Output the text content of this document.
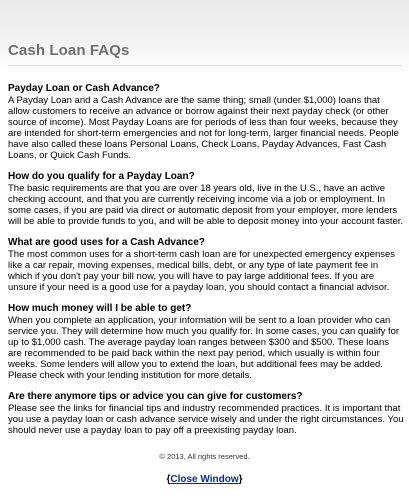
Cash Loan FAQs
Payday Loan or Cash Advance?

A Payday Loan and a Cash Advance are the same thing; small (under $1,000) loans that allow customers to receive an advance or borrow against their next payday check (or other source of income). Most Payday Loans are for periods of less than four weeks, because they are intended for short-term emergencies and not for long-term, larger financial needs. People have also called these loans Personal Loans, Check Loans, Payday Advances, Fast Cash Loans, or Quick Cash Funds.

How do you qualify for a Payday Loan?

The basic requirements are that you are over 18 years old, live in the U.S., have an active checking account, and that you are currently receiving income via a job or employment. In some cases, if you are paid via direct or automatic deposit from your employer, more lenders will be able to provide funds to you, and will be able to deposit money into your account faster.

What are good uses for a Cash Advance?

The most common uses for a short-term cash loan are for unexpected emergency expenses like a car repair, moving expenses, medical bills, debt, or any type of late payment fee in which if you don't pay your bill now, you will have to pay large additional fees. If you are unsure if your need is a good use for a payday loan, you should contact a financial advisor.

How much money will I be able to get?

When you complete an application, your information will be sent to a loan provider who can service you. They will determine how much you qualify for. In some cases, you can qualify for up to $1,000 cash. The average payday loan ranges between $300 and $500. These loans are recommended to be paid back within the next pay period, which usually is within four weeks. Some lenders will allow you to extend the loan, but additional fees may be added. Please check with your lending institution for more details.

Are there anymore tips or advice you can give for customers?

Please see the links for financial tips and industry recommended practices. It is important that you use a payday loan or cash advance service wisely and under the right circumstances. You should never use a payday loan to pay off a preexisting payday loan.

© 2013, All rights reserved.
{Close Window}
